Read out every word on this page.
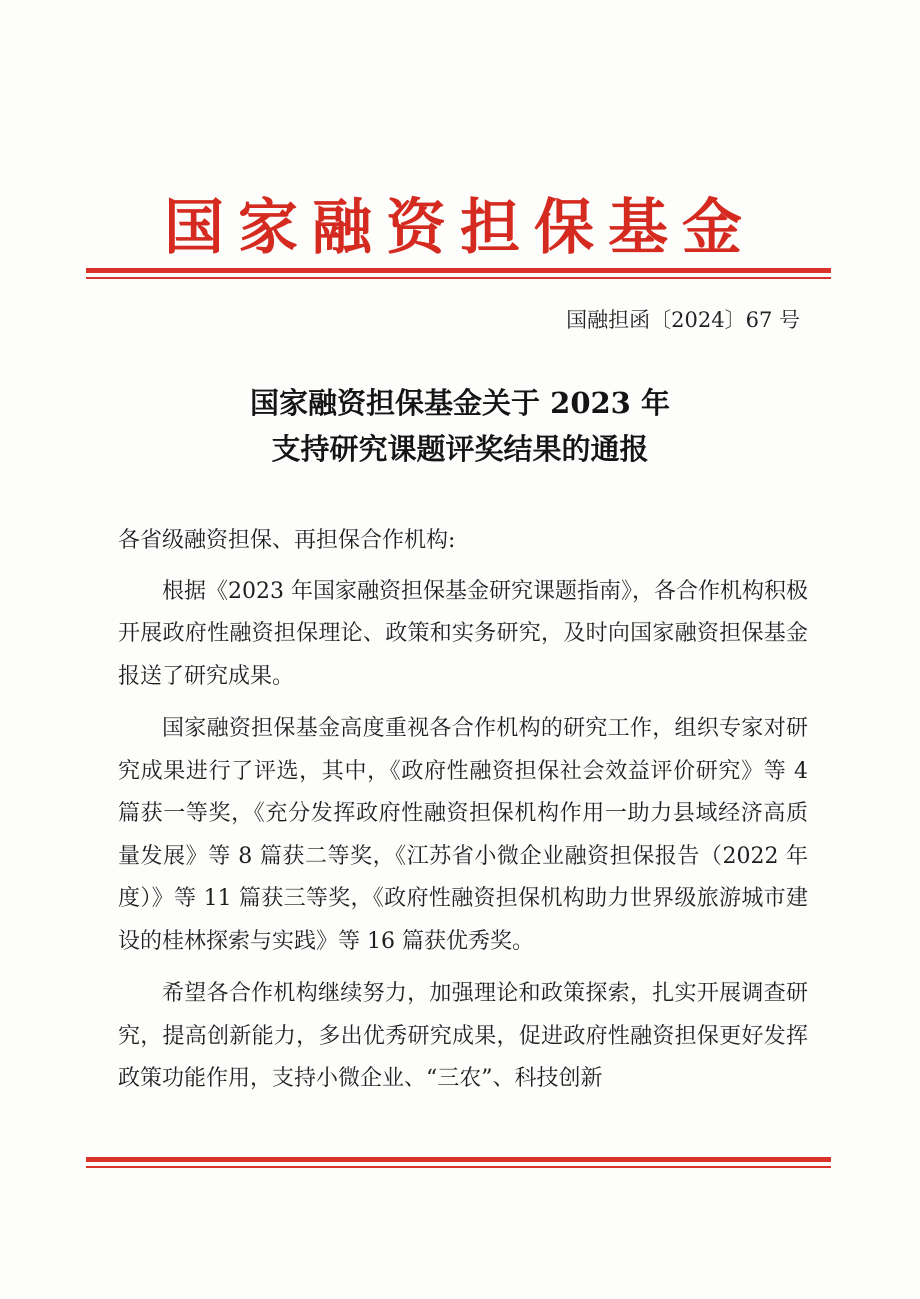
国家融资担保基金
国融担函〔2024〕67 号
国家融资担保基金关于 2023 年
支持研究课题评奖结果的通报
各省级融资担保、再担保合作机构:
根据《2023 年国家融资担保基金研究课题指南》，各合作机构积极开展政府性融资担保理论、政策和实务研究，及时向国家融资担保基金报送了研究成果。
国家融资担保基金高度重视各合作机构的研究工作，组织专家对研究成果进行了评选，其中，《政府性融资担保社会效益评价研究》等 4 篇获一等奖，《充分发挥政府性融资担保机构作用一助力县域经济高质量发展》等 8 篇获二等奖，《江苏省小微企业融资担保报告（2022 年度）》等 11 篇获三等奖，《政府性融资担保机构助力世界级旅游城市建设的桂林探索与实践》等 16 篇获优秀奖。
希望各合作机构继续努力，加强理论和政策探索，扎实开展调查研究，提高创新能力，多出优秀研究成果，促进政府性融资担保更好发挥政策功能作用，支持小微企业、“三农”、科技创新
